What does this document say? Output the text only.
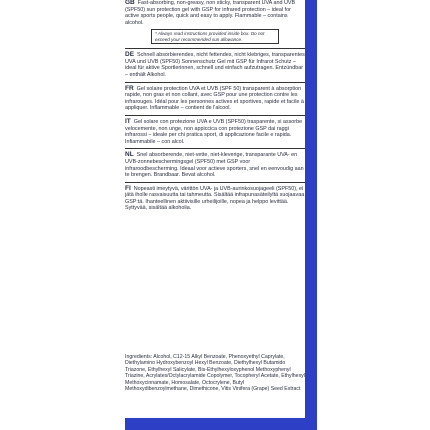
GB Fast-absorbing, non-greasy, non sticky, transparent UVA and UVB (SPF50) sun protection gel with GSP for infrared protection – ideal for active sports people, quick and easy to apply. Flammable – contains alcohol.
* Always read instructions provided inside box. Do not exceed your recommended sun allowance.
DE Schnell absorbierendes, nicht fettendes, nicht klebriges, transparentes UVA und UVB (SPF50) Sonnenschutz Gel mit GSP für Infrarot Schutz – ideal für aktive Sportlerinnen, schnell und einfach aufzutragen. Entzündbar – enthält Alkohol.
FR Gel solaire protection UVA et UVB (SPF 50) transparent à absorption rapide, non gras et non collant, avec GSP pour une protection contre les infrarouges. Idéal pour les personnes actives et sportives, rapide et facile à appliquer. Inflammable – contient de l'alcool.
IT Gel solare con protezione UVA e UVB (SPF50) trasparente, si assorbe velocemente, non unge, non appiccica con protezione GSP dai raggi infrarossi – ideale per chi pratica sport, di applicazione facile e rapida. Infiammabile – con alcol.
NL Snel absorberende, niet-vette, niet-kleverige, transparante UVA- en UVB-zonnebeschermingsgel (SPF50) met GSP voor infraroodbescherming. Ideaal voor actieve sporters, snel en eenvoudig aan te brengen. Brandbaar. Bevat alcohol.
FI Nopeasti imeytyvä, värittön UVA- ja UVB-aurinkosuojageeli (SPF50), ei jätä iholle rasvaisuutta tai tahmeutta. Sisältää infrapunasäteilyltä suojaavaa GSP:tä. Ihanteellinen aktiivisille urheilijoille, nopea ja helppo levittää. Syttyvää, sisältää alkoholia.
Ingredients: Alcohol, C12-15 Alkyl Benzoate, Phenoxyethyl Caprylate, Diethylamino Hydroxybenzoyl Hexyl Benzoate, Diethylhexyl Butamido Triazone, Ethylhexyl Salicylate, Bis-Ethylhexyloxyphenol Methoxyphenyl Triazine, Acrylates/Octylacrylamide Copolymer, Tocopheryl Acetate, Ethylhexyl Methoxycinnamate, Homosalate, Octocrylene, Butyl Methoxydibenzoylmethane, Dimethicone, Vitis Vinifera (Grape) Seed Extract
